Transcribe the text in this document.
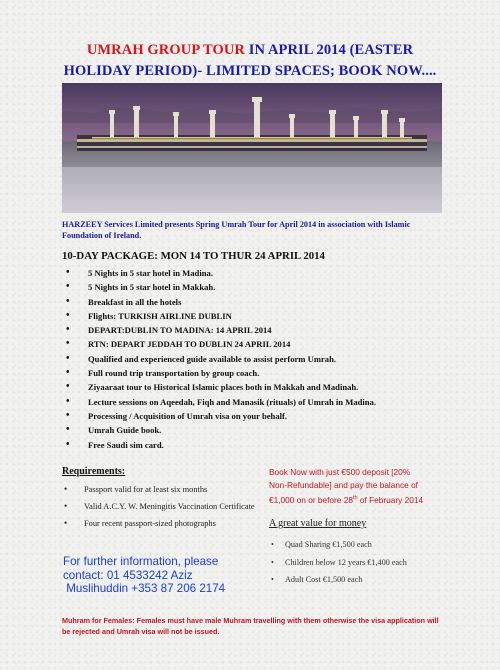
UMRAH GROUP TOUR IN APRIL 2014 (EASTER
HOLIDAY PERIOD)- LIMITED SPACES; BOOK NOW....
HARZEEY Services Limited presents Spring Umrah Tour for April 2014 in association with Islamic Foundation of Ireland.
10-DAY PACKAGE: MON 14 TO THUR 24 APRIL 2014
• 5 Nights in 5 star hotel in Madina.
• 5 Nights in 5 star hotel in Makkah.
• Breakfast in all the hotels
• Flights: TURKISH AIRLINE DUBLIN
• DEPART:DUBLIN TO MADINA: 14 APRIL 2014
• RTN: DEPART JEDDAH TO DUBLIN 24 APRIL 2014
• Qualified and experienced guide available to assist perform Umrah.
• Full round trip transportation by group coach.
• Ziyaaraat tour to Historical Islamic places both in Makkah and Madinah.
• Lecture sessions on Aqeedah, Fiqh and Manasik (rituals) of Umrah in Madina.
• Processing / Acquisition of Umrah visa on your behalf.
• Umrah Guide book.
• Free Saudi sim card.
Requirements:
• Passport valid for at least six months
• Valid A.C.Y. W. Meningitis Vaccination Certificate
• Four recent passport-sized photographs
For further information, please
contact: 01 4533242 Aziz
Muslihuddin +353 87 206 2174
Book Now with just €500 deposit [20%
Non-Refundable] and pay the balance of
€1,000 on or before 28th of February 2014
A great value for money
• Quad Sharing €1,500 each
• Children below 12 years €1,400 each
• Adult Cost €1,500 each
Muhram for Females: Females must have male Muhram travelling with them otherwise the visa application will be rejected and Umrah visa will not be issued.
